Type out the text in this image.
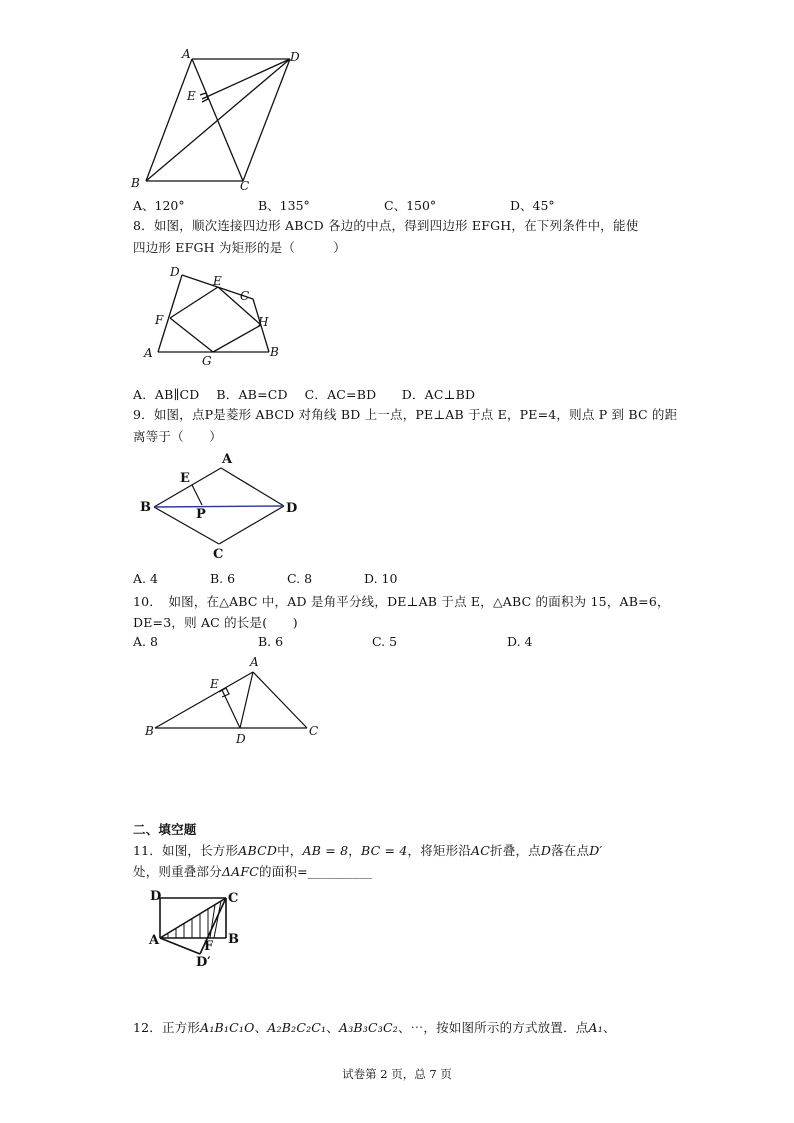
A	D
E
B	C
A、120°	B、135°	C、150°	D、45°
8．如图，顺次连接四边形 ABCD 各边的中点，得到四边形 EFGH，在下列条件中，能使
四边形 EFGH 为矩形的是（　　　）
D
E
C
F	H
A
G
B
A．AB∥CD　 B．AB=CD　 C．AC=BD　　D．AC⊥BD
9．如图，点P是菱形 ABCD 对角线 BD 上一点，PE⊥AB 于点 E，PE=4，则点 P 到 BC 的距
离等于（　　）
A
E
B	P	D
C
A. 4	B. 6	C. 8	D. 10
10．　如图，在△ABC 中，AD 是角平分线，DE⊥AB 于点 E，△ABC 的面积为 15，AB=6，
DE=3，则 AC 的长是(　　)
A. 8	B. 6	C. 5	D. 4
A
E
B
D
C
二、填空题
11．如图，长方形ABCD中，AB = 8，BC = 4，将矩形沿AC折叠，点D落在点D′
处，则重叠部分ΔAFC的面积=__________
D	C
A	B
F
D′
12．正方形A₁B₁C₁O、A₂B₂C₂C₁、A₃B₃C₃C₂、⋯，按如图所示的方式放置．点A₁、
试卷第 2 页，总 7 页
